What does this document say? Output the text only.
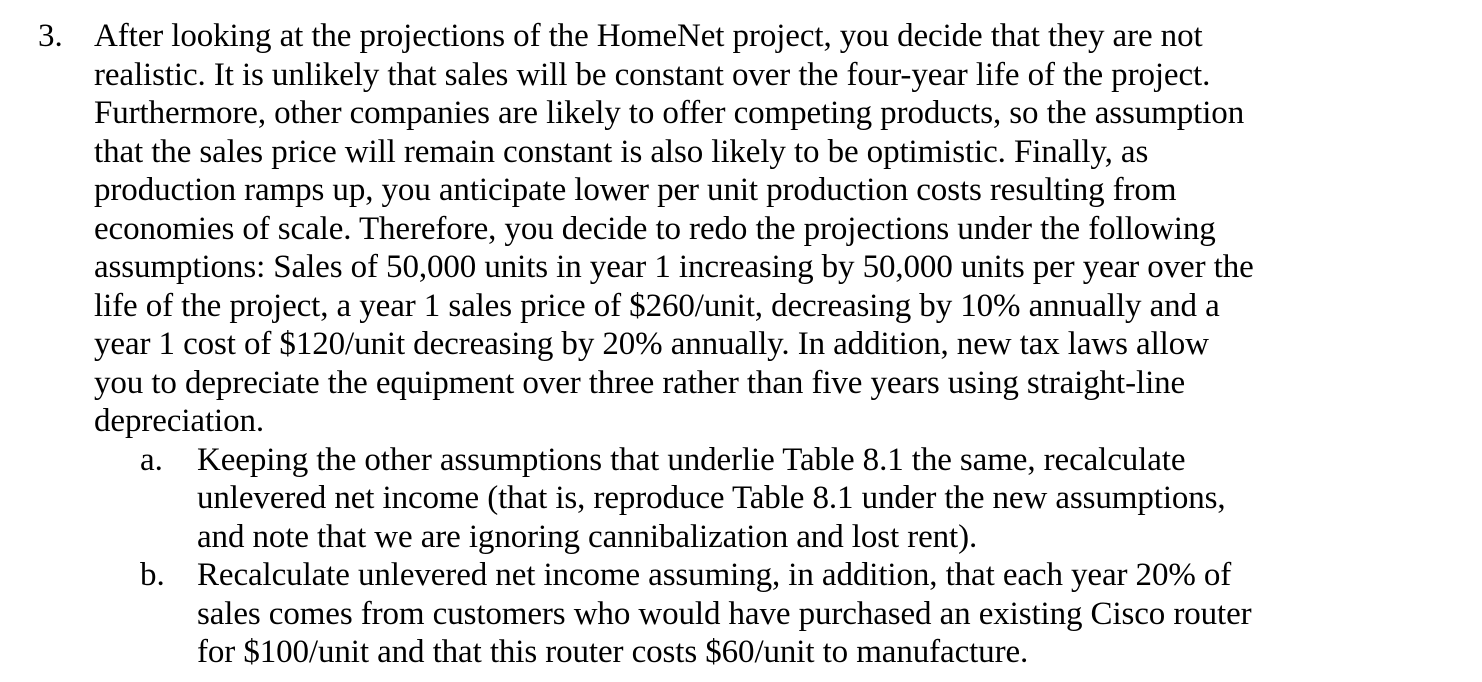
3. After looking at the projections of the HomeNet project, you decide that they are not
realistic. It is unlikely that sales will be constant over the four-year life of the project.
Furthermore, other companies are likely to offer competing products, so the assumption
that the sales price will remain constant is also likely to be optimistic. Finally, as
production ramps up, you anticipate lower per unit production costs resulting from
economies of scale. Therefore, you decide to redo the projections under the following
assumptions: Sales of 50,000 units in year 1 increasing by 50,000 units per year over the
life of the project, a year 1 sales price of $260/unit, decreasing by 10% annually and a
year 1 cost of $120/unit decreasing by 20% annually. In addition, new tax laws allow
you to depreciate the equipment over three rather than five years using straight-line
depreciation.
a. Keeping the other assumptions that underlie Table 8.1 the same, recalculate
unlevered net income (that is, reproduce Table 8.1 under the new assumptions,
and note that we are ignoring cannibalization and lost rent).
b. Recalculate unlevered net income assuming, in addition, that each year 20% of
sales comes from customers who would have purchased an existing Cisco router
for $100/unit and that this router costs $60/unit to manufacture.
